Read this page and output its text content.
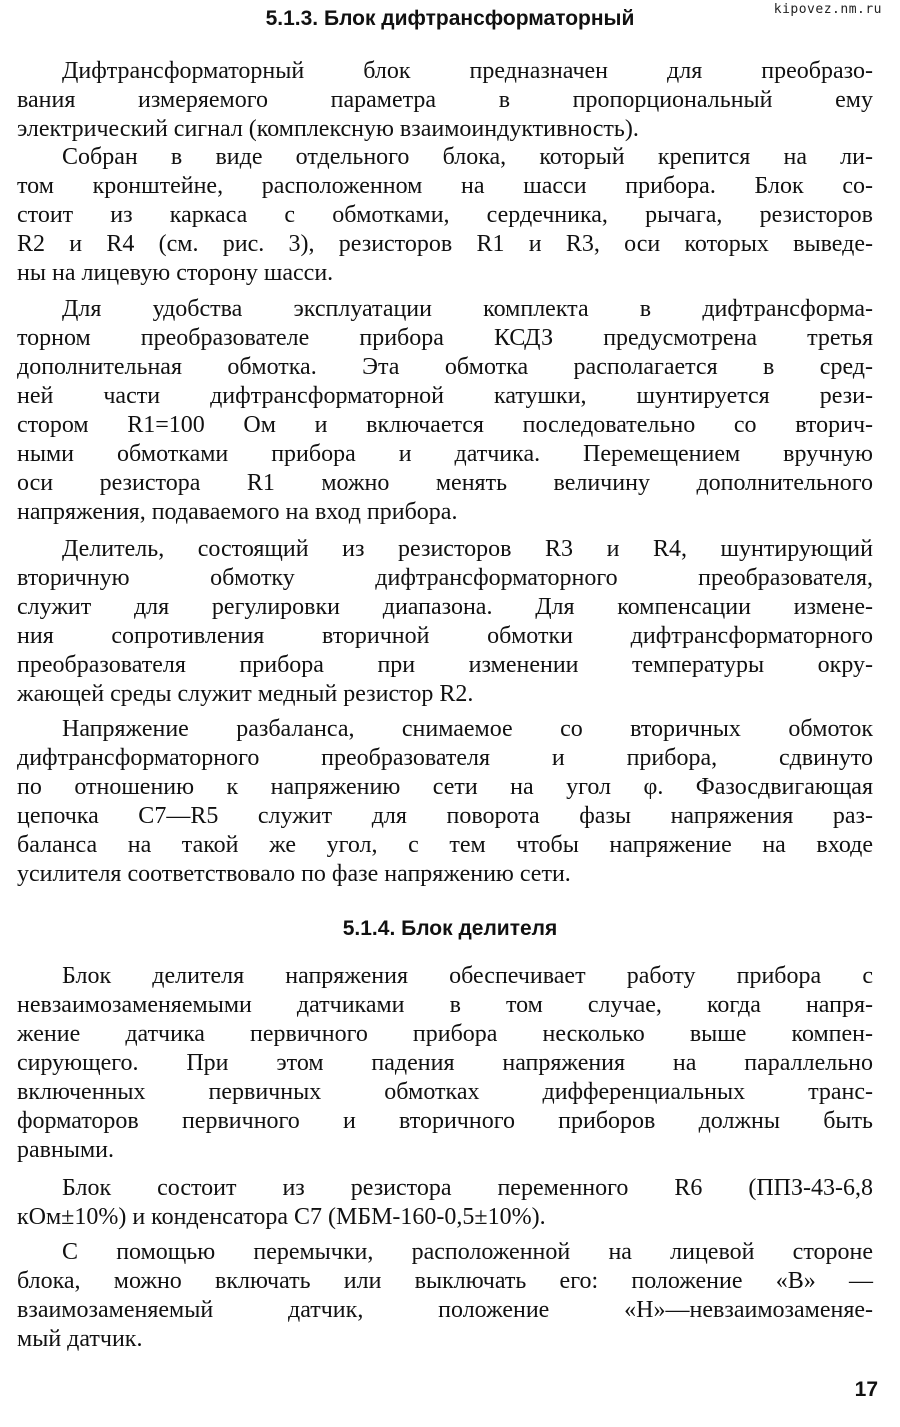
kipovez.nm.ru
5.1.3. Блок дифтрансформаторный
Дифтрансформаторный блок предназначен для преобразо-
вания измеряемого параметра в пропорциональный ему
электрический сигнал (комплексную взаимоиндуктивность).
Собран в виде отдельного блока, который крепится на ли-
том кронштейне, расположенном на шасси прибора. Блок со-
стоит из каркаса с обмотками, сердечника, рычага, резисторов
R2 и R4 (см. рис. 3), резисторов R1 и R3, оси которых выведе-
ны на лицевую сторону шасси.
Для удобства эксплуатации комплекта в дифтрансформа-
торном преобразователе прибора КСДЗ предусмотрена третья
дополнительная обмотка. Эта обмотка располагается в сред-
ней части дифтрансформаторной катушки, шунтируется рези-
стором R1=100 Ом и включается последовательно со вторич-
ными обмотками прибора и датчика. Перемещением вручную
оси резистора R1 можно менять величину дополнительного
напряжения, подаваемого на вход прибора.
Делитель, состоящий из резисторов R3 и R4, шунтирующий
вторичную обмотку дифтрансформаторного преобразователя,
служит для регулировки диапазона. Для компенсации измене-
ния сопротивления вторичной обмотки дифтрансформаторного
преобразователя прибора при изменении температуры окру-
жающей среды служит медный резистор R2.
Напряжение разбаланса, снимаемое со вторичных обмоток
дифтрансформаторного преобразователя и прибора, сдвинуто
по отношению к напряжению сети на угол φ. Фазосдвигающая
цепочка C7—R5 служит для поворота фазы напряжения раз-
баланса на такой же угол, с тем чтобы напряжение на входе
усилителя соответствовало по фазе напряжению сети.
5.1.4. Блок делителя
Блок делителя напряжения обеспечивает работу прибора с
невзаимозаменяемыми датчиками в том случае, когда напря-
жение датчика первичного прибора несколько выше компен-
сирующего. При этом падения напряжения на параллельно
включенных первичных обмотках дифференциальных транс-
форматоров первичного и вторичного приборов должны быть
равными.
Блок состоит из резистора переменного R6 (ППЗ-43-6,8
кОм±10%) и конденсатора C7 (МБМ-160-0,5±10%).
С помощью перемычки, расположенной на лицевой стороне
блока, можно включать или выключать его: положение «В» —
взаимозаменяемый датчик, положение «Н»—невзаимозаменяе-
мый датчик.
17
